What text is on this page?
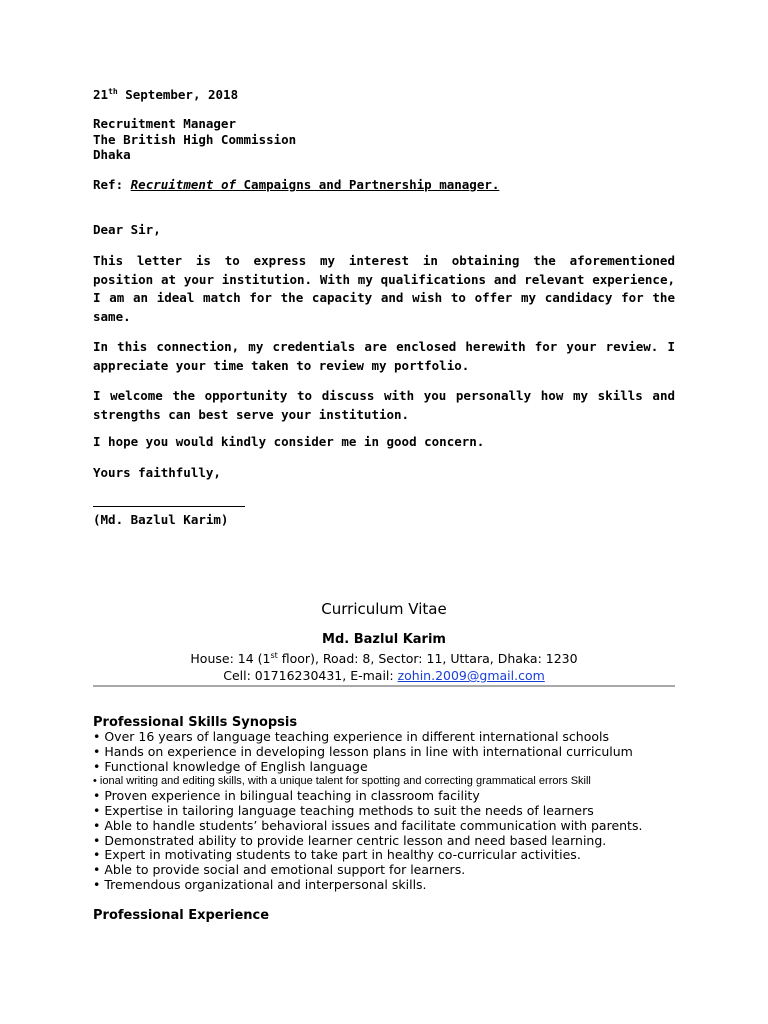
21th September, 2018
Recruitment Manager
The British High Commission
Dhaka
Ref: Recruitment of Campaigns and Partnership manager.
Dear Sir,
This letter is to express my interest in obtaining the aforementioned position at your institution. With my qualifications and relevant experience, I am an ideal match for the capacity and wish to offer my candidacy for the same.
In this connection, my credentials are enclosed herewith for your review. I appreciate your time taken to review my portfolio.
I welcome the opportunity to discuss with you personally how my skills and strengths can best serve your institution.
I hope you would kindly consider me in good concern.
Yours faithfully,
(Md. Bazlul Karim)
Curriculum Vitae
Md. Bazlul Karim
House: 14 (1st floor), Road: 8, Sector: 11, Uttara, Dhaka: 1230
Cell: 01716230431, E-mail: zohin.2009@gmail.com
Professional Skills Synopsis
• Over 16 years of language teaching experience in different international schools
• Hands on experience in developing lesson plans in line with international curriculum
• Functional knowledge of English language
• ional writing and editing skills, with a unique talent for spotting and correcting grammatical errors Skill
• Proven experience in bilingual teaching in classroom facility
• Expertise in tailoring language teaching methods to suit the needs of learners
• Able to handle students’ behavioral issues and facilitate communication with parents.
• Demonstrated ability to provide learner centric lesson and need based learning.
• Expert in motivating students to take part in healthy co-curricular activities.
• Able to provide social and emotional support for learners.
• Tremendous organizational and interpersonal skills.
Professional Experience
